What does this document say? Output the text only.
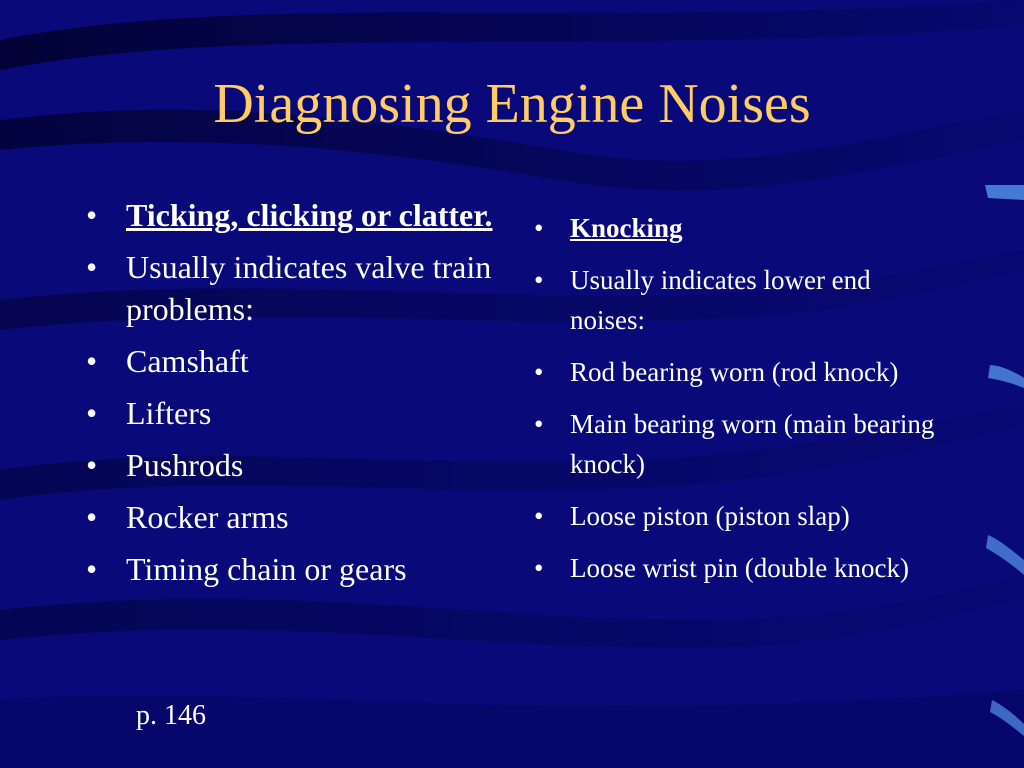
Diagnosing Engine Noises
• Ticking, clicking or clatter.
• Usually indicates valve train problems:
• Camshaft
• Lifters
• Pushrods
• Rocker arms
• Timing chain or gears
• Knocking
• Usually indicates lower end noises:
• Rod bearing worn (rod knock)
• Main bearing worn (main bearing knock)
• Loose piston (piston slap)
• Loose wrist pin (double knock)
p. 146
